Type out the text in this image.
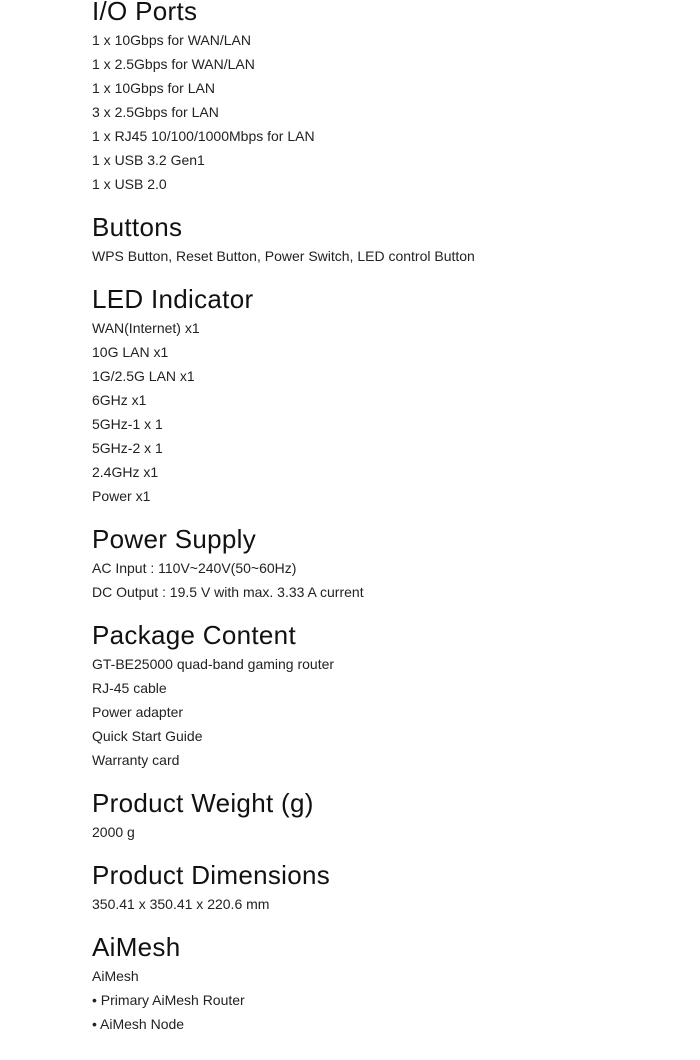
I/O Ports
1 x 10Gbps for WAN/LAN
1 x 2.5Gbps for WAN/LAN
1 x 10Gbps for LAN
3 x 2.5Gbps for LAN
1 x RJ45 10/100/1000Mbps for LAN
1 x USB 3.2 Gen1
1 x USB 2.0
Buttons
WPS Button, Reset Button, Power Switch, LED control Button
LED Indicator
WAN(Internet) x1
10G LAN x1
1G/2.5G LAN x1
6GHz x1
5GHz-1 x 1
5GHz-2 x 1
2.4GHz x1
Power x1
Power Supply
AC Input : 110V~240V(50~60Hz)
DC Output : 19.5 V with max. 3.33 A current
Package Content
GT-BE25000 quad-band gaming router
RJ-45 cable
Power adapter
Quick Start Guide
Warranty card
Product Weight (g)
2000 g
Product Dimensions
350.41 x 350.41 x 220.6 mm
AiMesh
AiMesh
• Primary AiMesh Router
• AiMesh Node
